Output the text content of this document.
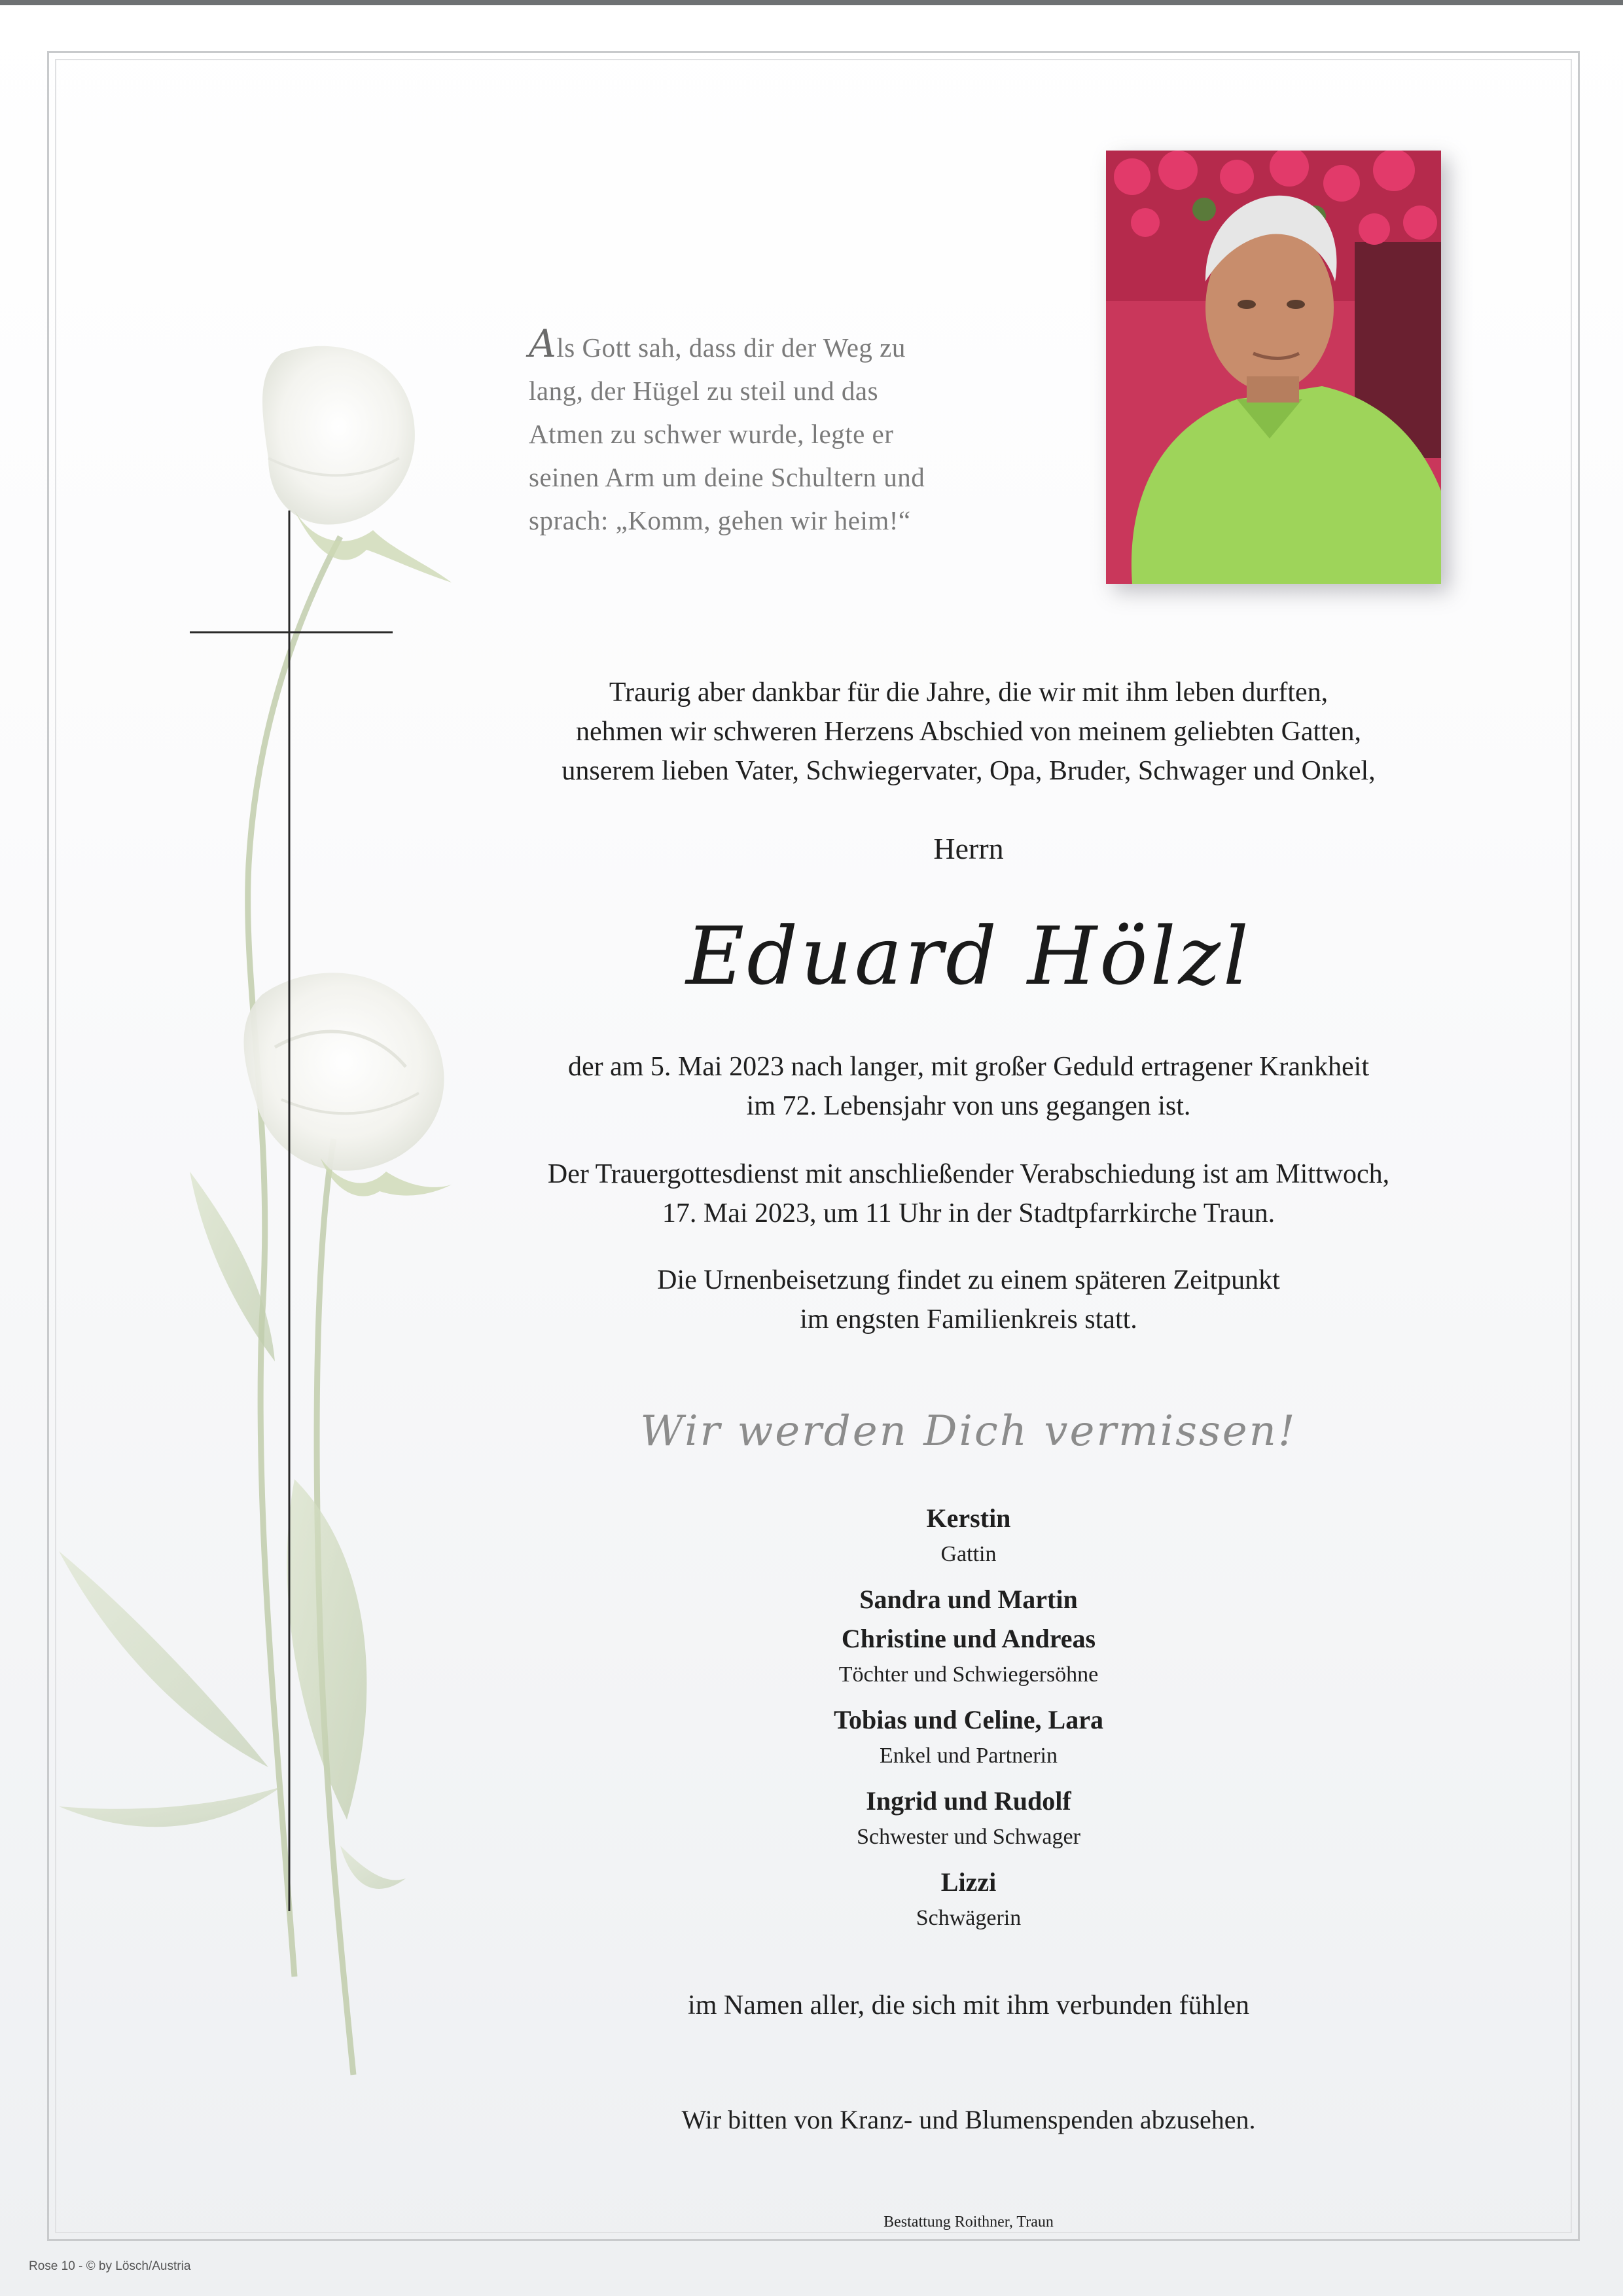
Als Gott sah, dass dir der Weg zu
lang, der Hügel zu steil und das
Atmen zu schwer wurde, legte er
seinen Arm um deine Schultern und
sprach: „Komm, gehen wir heim!“
Traurig aber dankbar für die Jahre, die wir mit ihm leben durften,
nehmen wir schweren Herzens Abschied von meinem geliebten Gatten,
unserem lieben Vater, Schwiegervater, Opa, Bruder, Schwager und Onkel,
Herrn
Eduard Hölzl
der am 5. Mai 2023 nach langer, mit großer Geduld ertragener Krankheit
im 72. Lebensjahr von uns gegangen ist.
Der Trauergottesdienst mit anschließender Verabschiedung ist am Mittwoch,
17. Mai 2023, um 11 Uhr in der Stadtpfarrkirche Traun.
Die Urnenbeisetzung findet zu einem späteren Zeitpunkt
im engsten Familienkreis statt.
Wir werden Dich vermissen!
Kerstin
Gattin
Sandra und Martin
Christine und Andreas
Töchter und Schwiegersöhne
Tobias und Celine, Lara
Enkel und Partnerin
Ingrid und Rudolf
Schwester und Schwager
Lizzi
Schwägerin
im Namen aller, die sich mit ihm verbunden fühlen
Wir bitten von Kranz- und Blumenspenden abzusehen.
Bestattung Roithner, Traun
Rose 10 - © by Lösch/Austria
